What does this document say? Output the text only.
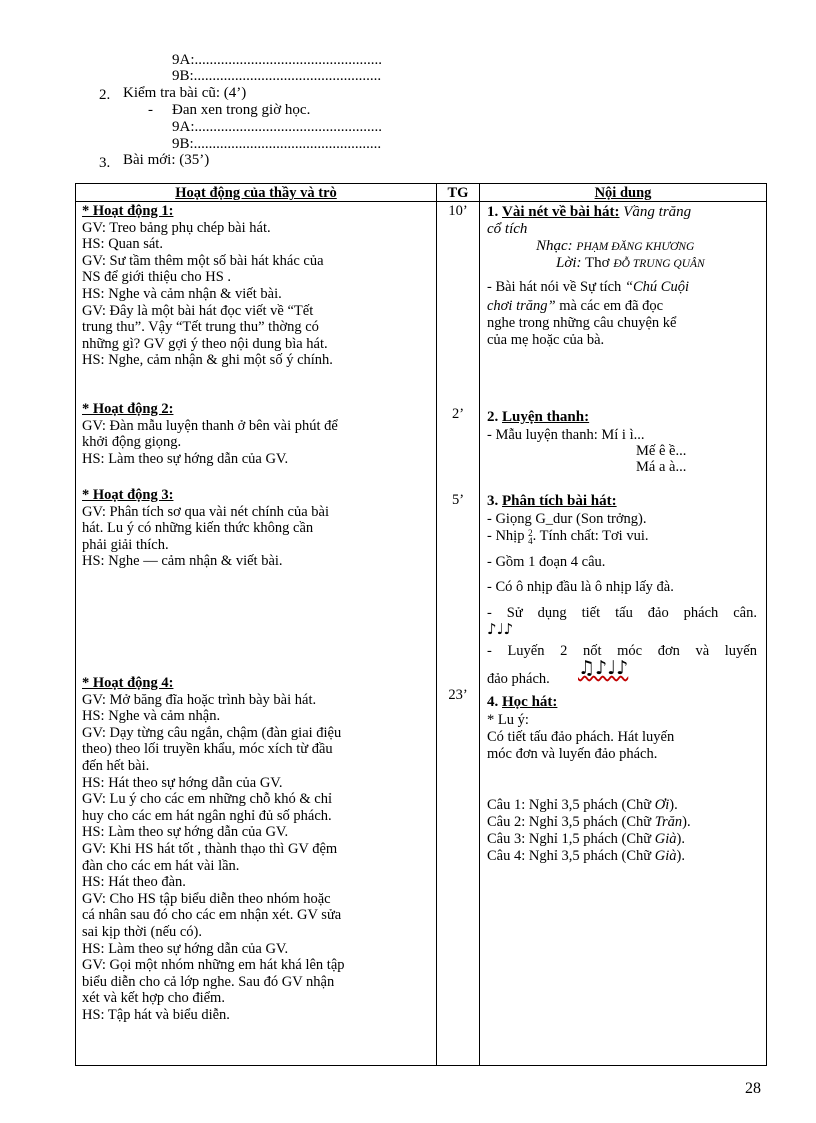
9A:..................................................
9B:..................................................
2. Kiểm tra bài cũ: (4’)
- Đan xen trong giờ học.
9A:..................................................
9B:..................................................
3. Bài mới: (35’)
Hoạt động của thầy và trò	TG	Nội dung

* Hoạt động 1:

GV: Treo bảng phụ chép bài hát.

HS: Quan sát.

GV: Sư tầm thêm một số bài hát khác của

NS để giới thiệu cho HS .

HS: Nghe và cảm nhận & viết bài.

GV: Đây là một bài hát đọc viết về “Tết

trung thu”. Vậy “Tết trung thu” thờng có

những gì? GV gợi ý theo nội dung bìa hát.

HS: Nghe, cảm nhận & ghi một số ý chính.

* Hoạt động 2:

GV: Đàn mẫu luyện thanh ở bên vài phút để

khởi động giọng.

HS: Làm theo sự hớng dẫn của GV.

* Hoạt động 3:

GV: Phân tích sơ qua vài nét chính của bài

hát. Lu ý có những kiến thức không cần

phải giải thích.

HS: Nghe — cảm nhận & viết bài.

* Hoạt động 4:

GV: Mở băng đĩa hoặc trình bày bài hát.

HS: Nghe và cảm nhận.

GV: Dạy từng câu ngắn, chậm (đàn giai điệu

theo) theo lối truyền khẩu, móc xích từ đầu

đến hết bài.

HS: Hát theo sự hớng dẫn của GV.

GV: Lu ý cho các em những chỗ khó & chỉ

huy cho các em hát ngân nghỉ đủ số phách.

HS: Làm theo sự hớng dẫn của GV.

GV: Khi HS hát tốt , thành thạo thì GV đệm

đàn cho các em hát vài lần.

HS: Hát theo đàn.

GV: Cho HS tập biểu diễn theo nhóm hoặc

cá nhân sau đó cho các em nhận xét. GV sửa

sai kịp thời (nếu có).

HS: Làm theo sự hớng dẫn của GV.

GV: Gọi một nhóm những em hát khá lên tập

biểu diễn cho cả lớp nghe. Sau đó GV nhận

xét và kết hợp cho điểm.

HS: Tập hát và biểu diễn.

10’
2’
5’
23’
1. Vài nét về bài hát: Vầng trăng
cổ tích
Nhạc: PHẠM ĐĂNG KHƯƠNG
Lời: Thơ ĐỖ TRUNG QUÂN
- Bài hát nói về Sự tích “Chú Cuội
chơi trăng” mà các em đã đọc
nghe trong những câu chuyện kể
của mẹ hoặc của bà.
2. Luyện thanh:
- Mẫu luyện thanh: Mí i ì...
Mế ê ề...
Má a à...
3. Phân tích bài hát:
- Giọng G_dur (Son trởng).
- Nhịp 2
4. Tính chất: Tơi vui.
- Gồm 1 đoạn 4 câu.
- Có ô nhịp đầu là ô nhịp lấy đà.
- Sử dụng tiết tấu đảo phách cân.
♪♩♪
- Luyến 2 nốt móc đơn và luyến
đảo phách. ♫♪♩♪
4. Học hát:
* Lu ý:
Có tiết tấu đảo phách. Hát luyến
móc đơn và luyến đảo phách.
Câu 1: Nghỉ 3,5 phách (Chữ Ơi).
Câu 2: Nghỉ 3,5 phách (Chữ Trăn).
Câu 3: Nghỉ 1,5 phách (Chữ Già).
Câu 4: Nghỉ 3,5 phách (Chữ Già).
28
